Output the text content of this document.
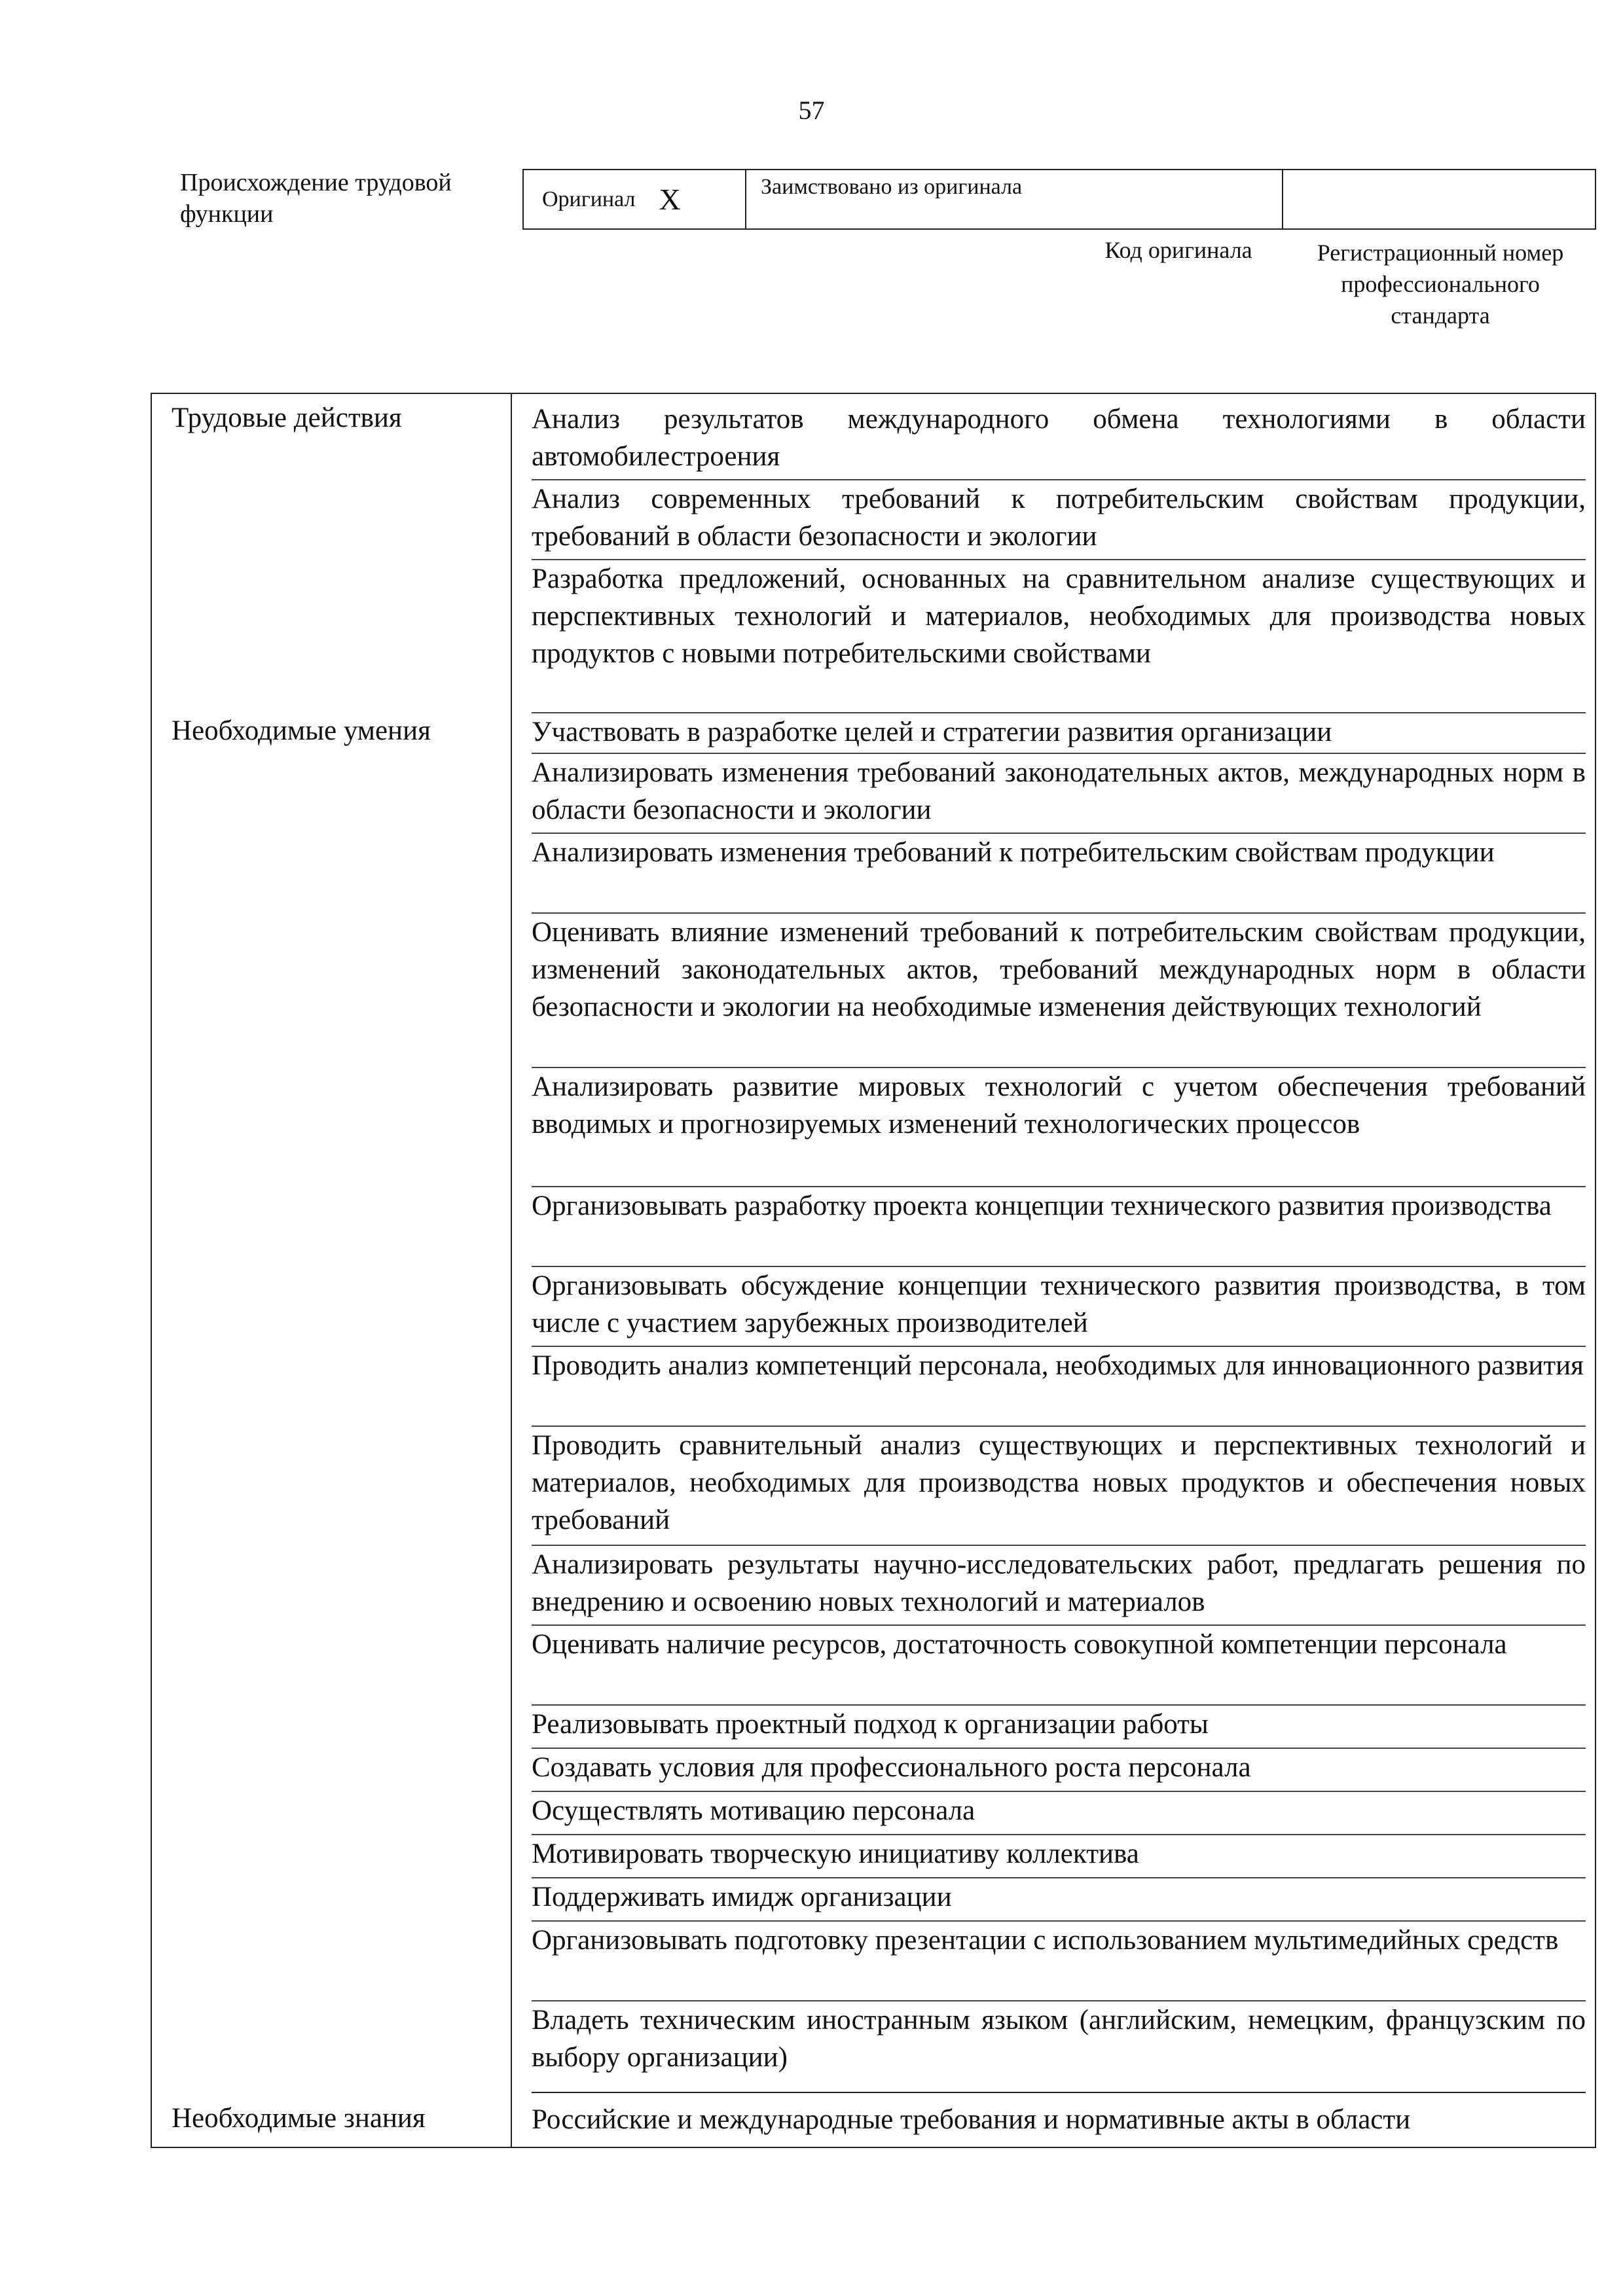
57
Происхождение трудовой функции
Оригинал X	Заимствовано из оригинала
Код оригинала	Регистрационный номер профессионального стандарта
Трудовые действия
Необходимые умения
Необходимые знания

Анализ результатов международного обмена технологиями в области автомобилестроения

Анализ современных требований к потребительским свойствам продукции, требований в области безопасности и экологии

Разработка предложений, основанных на сравнительном анализе существующих и перспективных технологий и материалов, необходимых для производства новых продуктов с новыми потребительскими свойствами

Участвовать в разработке целей и стратегии развития организации

Анализировать изменения требований законодательных актов, международных норм в области безопасности и экологии

Анализировать изменения требований к потребительским свойствам продукции

Оценивать влияние изменений требований к потребительским свойствам продукции, изменений законодательных актов, требований международных норм в области безопасности и экологии на необходимые изменения действующих технологий

Анализировать развитие мировых технологий с учетом обеспечения требований вводимых и прогнозируемых изменений технологических процессов

Организовывать разработку проекта концепции технического развития производства

Организовывать обсуждение концепции технического развития производства, в том числе с участием зарубежных производителей

Проводить анализ компетенций персонала, необходимых для инновационного развития

Проводить сравнительный анализ существующих и перспективных технологий и материалов, необходимых для производства новых продуктов и обеспечения новых требований

Анализировать результаты научно-исследовательских работ, предлагать решения по внедрению и освоению новых технологий и материалов

Оценивать наличие ресурсов, достаточность совокупной компетенции персонала

Реализовывать проектный подход к организации работы

Создавать условия для профессионального роста персонала

Осуществлять мотивацию персонала

Мотивировать творческую инициативу коллектива

Поддерживать имидж организации

Организовывать подготовку презентации с использованием мультимедийных средств

Владеть техническим иностранным языком (английским, немецким, французским по выбору организации)

Российские и международные требования и нормативные акты в области
